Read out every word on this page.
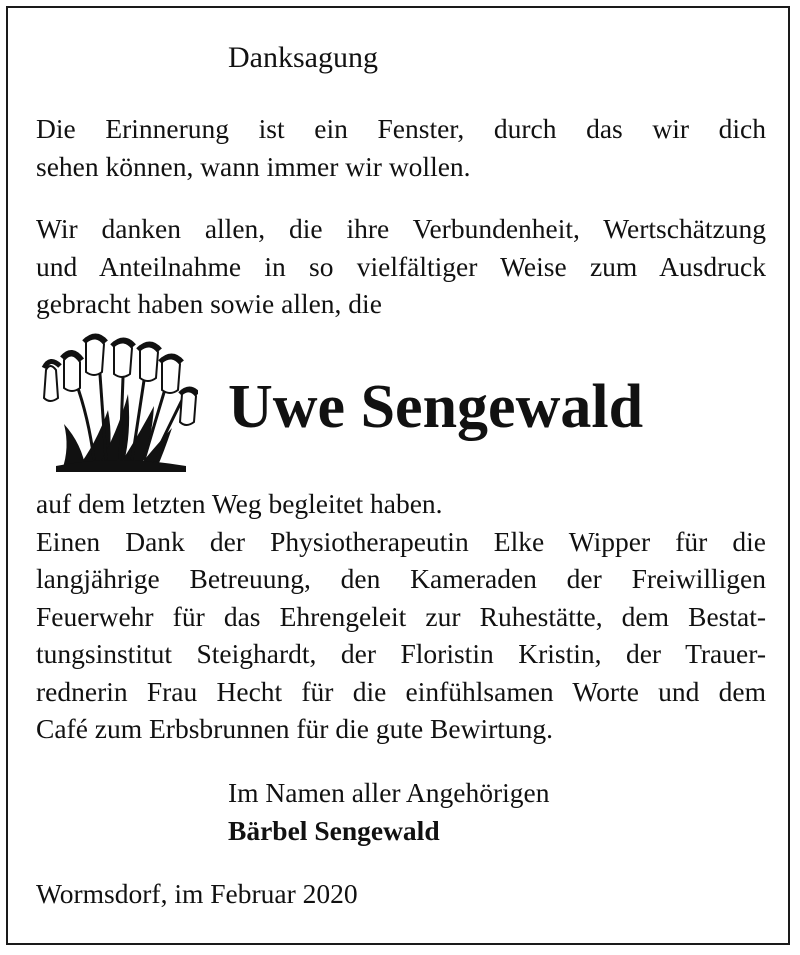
Danksagung
Die Erinnerung ist ein Fenster, durch das wir dich
sehen können, wann immer wir wollen.
Wir danken allen, die ihre Verbundenheit, Wertschätzung
und Anteilnahme in so vielfältiger Weise zum Ausdruck
gebracht haben sowie allen, die
Uwe Sengewald
auf dem letzten Weg begleitet haben.
Einen Dank der Physiotherapeutin Elke Wipper für die
langjährige Betreuung, den Kameraden der Freiwilligen
Feuerwehr für das Ehrengeleit zur Ruhestätte, dem Bestat-
tungsinstitut Steighardt, der Floristin Kristin, der Trauer-
rednerin Frau Hecht für die einfühlsamen Worte und dem
Café zum Erbsbrunnen für die gute Bewirtung.
Im Namen aller Angehörigen
Bärbel Sengewald
Wormsdorf, im Februar 2020
